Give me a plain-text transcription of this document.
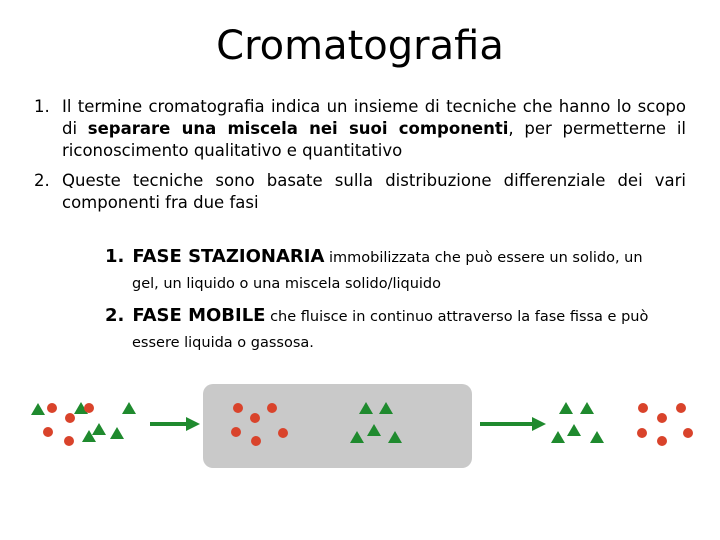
Cromatografia
1. Il termine cromatografia indica un insieme di tecniche che hanno lo scopo di separare una miscela nei suoi componenti, per permetterne il riconoscimento qualitativo e quantitativo
2. Queste tecniche sono basate sulla distribuzione differenziale dei vari componenti fra due fasi
1. FASE STAZIONARIA immobilizzata che può essere un solido, un
gel, un liquido o una miscela solido/liquido
2. FASE MOBILE che fluisce in continuo attraverso la fase fissa e può
essere liquida o gassosa.
